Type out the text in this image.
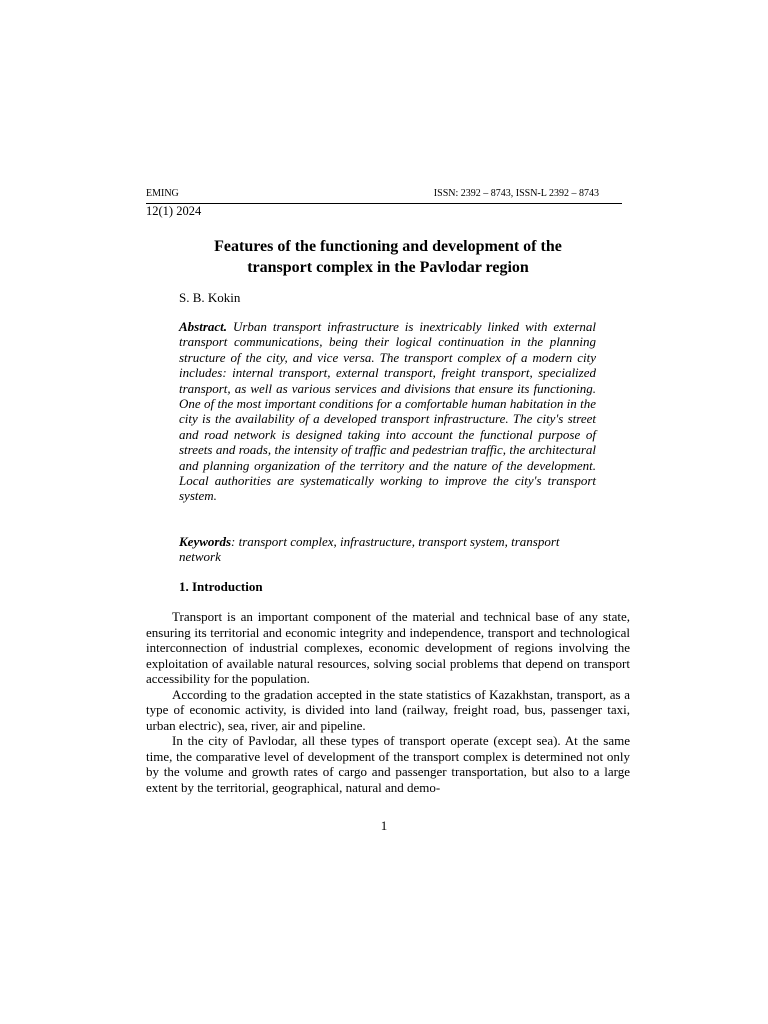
EMING	ISSN: 2392 – 8743, ISSN-L 2392 – 8743
12(1) 2024
Features of the functioning and development of the
transport complex in the Pavlodar region
S. B. Kokin
Abstract. Urban transport infrastructure is inextricably linked with external transport communications, being their logical continuation in the planning structure of the city, and vice versa. The transport complex of a modern city includes: internal transport, external transport, freight transport, specialized transport, as well as various services and divisions that ensure its functioning. One of the most important conditions for a comfortable human habitation in the city is the availability of a developed transport infrastructure. The city's street and road network is designed taking into account the functional purpose of streets and roads, the intensity of traffic and pedestrian traffic, the architectural and planning organization of the territory and the nature of the development. Local authorities are systematically working to improve the city's transport system.
Keywords: transport complex, infrastructure, transport system, transport network
1. Introduction

Transport is an important component of the material and technical base of any state, ensuring its territorial and economic integrity and independence, transport and technological interconnection of industrial complexes, economic development of regions involving the exploitation of available natural resources, solving social problems that depend on transport accessibility for the population.

According to the gradation accepted in the state statistics of Kazakhstan, transport, as a type of economic activity, is divided into land (railway, freight road, bus, passenger taxi, urban electric), sea, river, air and pipeline.

In the city of Pavlodar, all these types of transport operate (except sea). At the same time, the comparative level of development of the transport complex is determined not only by the volume and growth rates of cargo and passenger transportation, but also to a large extent by the territorial, geographical, natural and demo-

1
